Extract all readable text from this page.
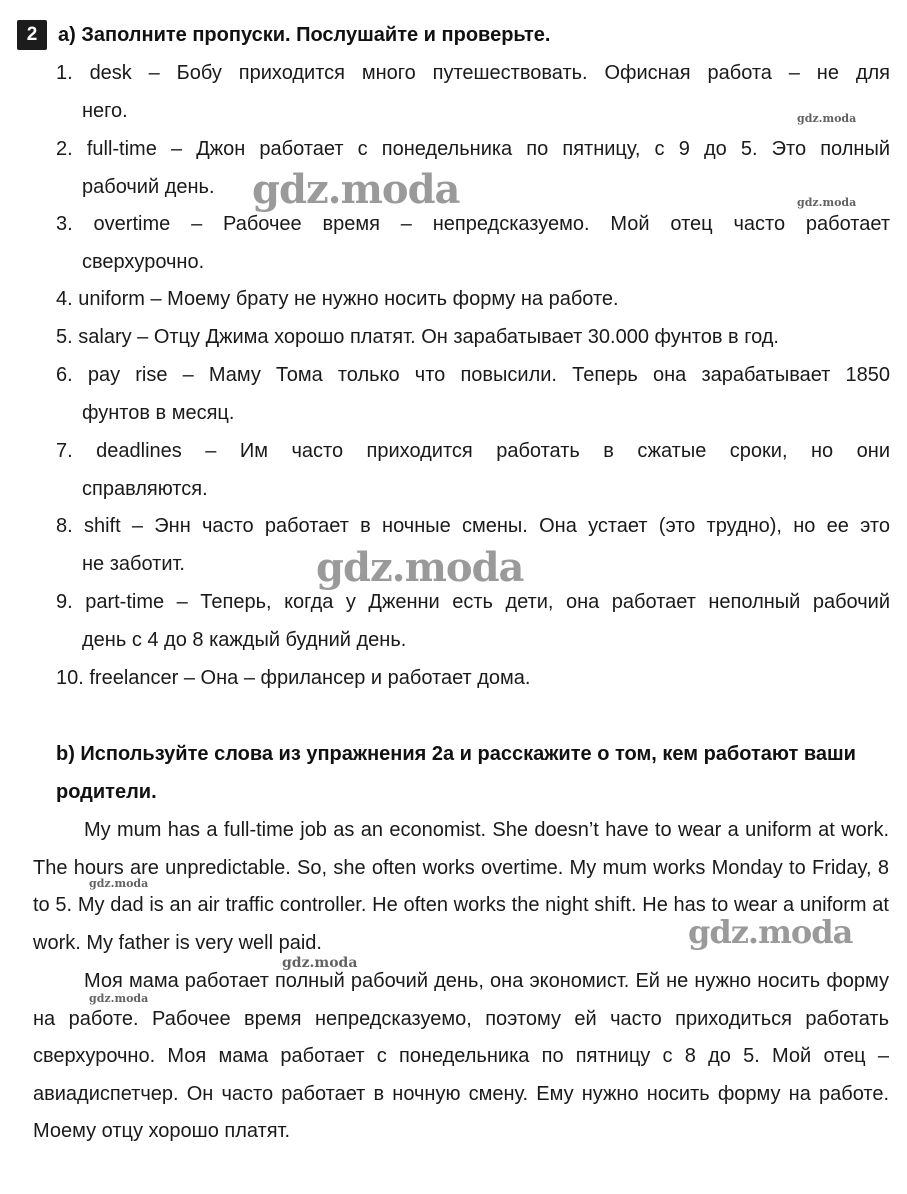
2	a) Заполните пропуски. Послушайте и проверьте.
1. desk – Бобу приходится много путешествовать. Офисная работа – не для
него.
2. full-time – Джон работает с понедельника по пятницу, с 9 до 5. Это полный
рабочий день.
3. overtime – Рабочее время – непредсказуемо. Мой отец часто работает
сверхурочно.
4. uniform – Моему брату не нужно носить форму на работе.
5. salary – Отцу Джима хорошо платят. Он зарабатывает 30.000 фунтов в год.
6. pay rise – Маму Тома только что повысили. Теперь она зарабатывает 1850
фунтов в месяц.
7. deadlines – Им часто приходится работать в сжатые сроки, но они
справляются.
8. shift – Энн часто работает в ночные смены. Она устает (это трудно), но ее это
не заботит.
9. part-time – Теперь, когда у Дженни есть дети, она работает неполный рабочий
день с 4 до 8 каждый будний день.
10. freelancer – Она – фрилансер и работает дома.
b) Используйте слова из упражнения 2a и расскажите о том, кем работают ваши родители.
My mum has a full-time job as an economist. She doesn’t have to wear a uniform at work. The hours are unpredictable. So, she often works overtime. My mum works Monday to Friday, 8 to 5. My dad is an air traffic controller. He often works the night shift. He has to wear a uniform at work. My father is very well paid.
Моя мама работает полный рабочий день, она экономист. Ей не нужно носить форму на работе. Рабочее время непредсказуемо, поэтому ей часто приходиться работать сверхурочно. Моя мама работает с понедельника по пятницу с 8 до 5. Мой отец – авиадиспетчер. Он часто работает в ночную смену. Ему нужно носить форму на работе. Моему отцу хорошо платят.
gdz.moda
gdz.moda
gdz.moda
gdz.moda
gdz.moda
gdz.moda
gdz.moda
gdz.moda
